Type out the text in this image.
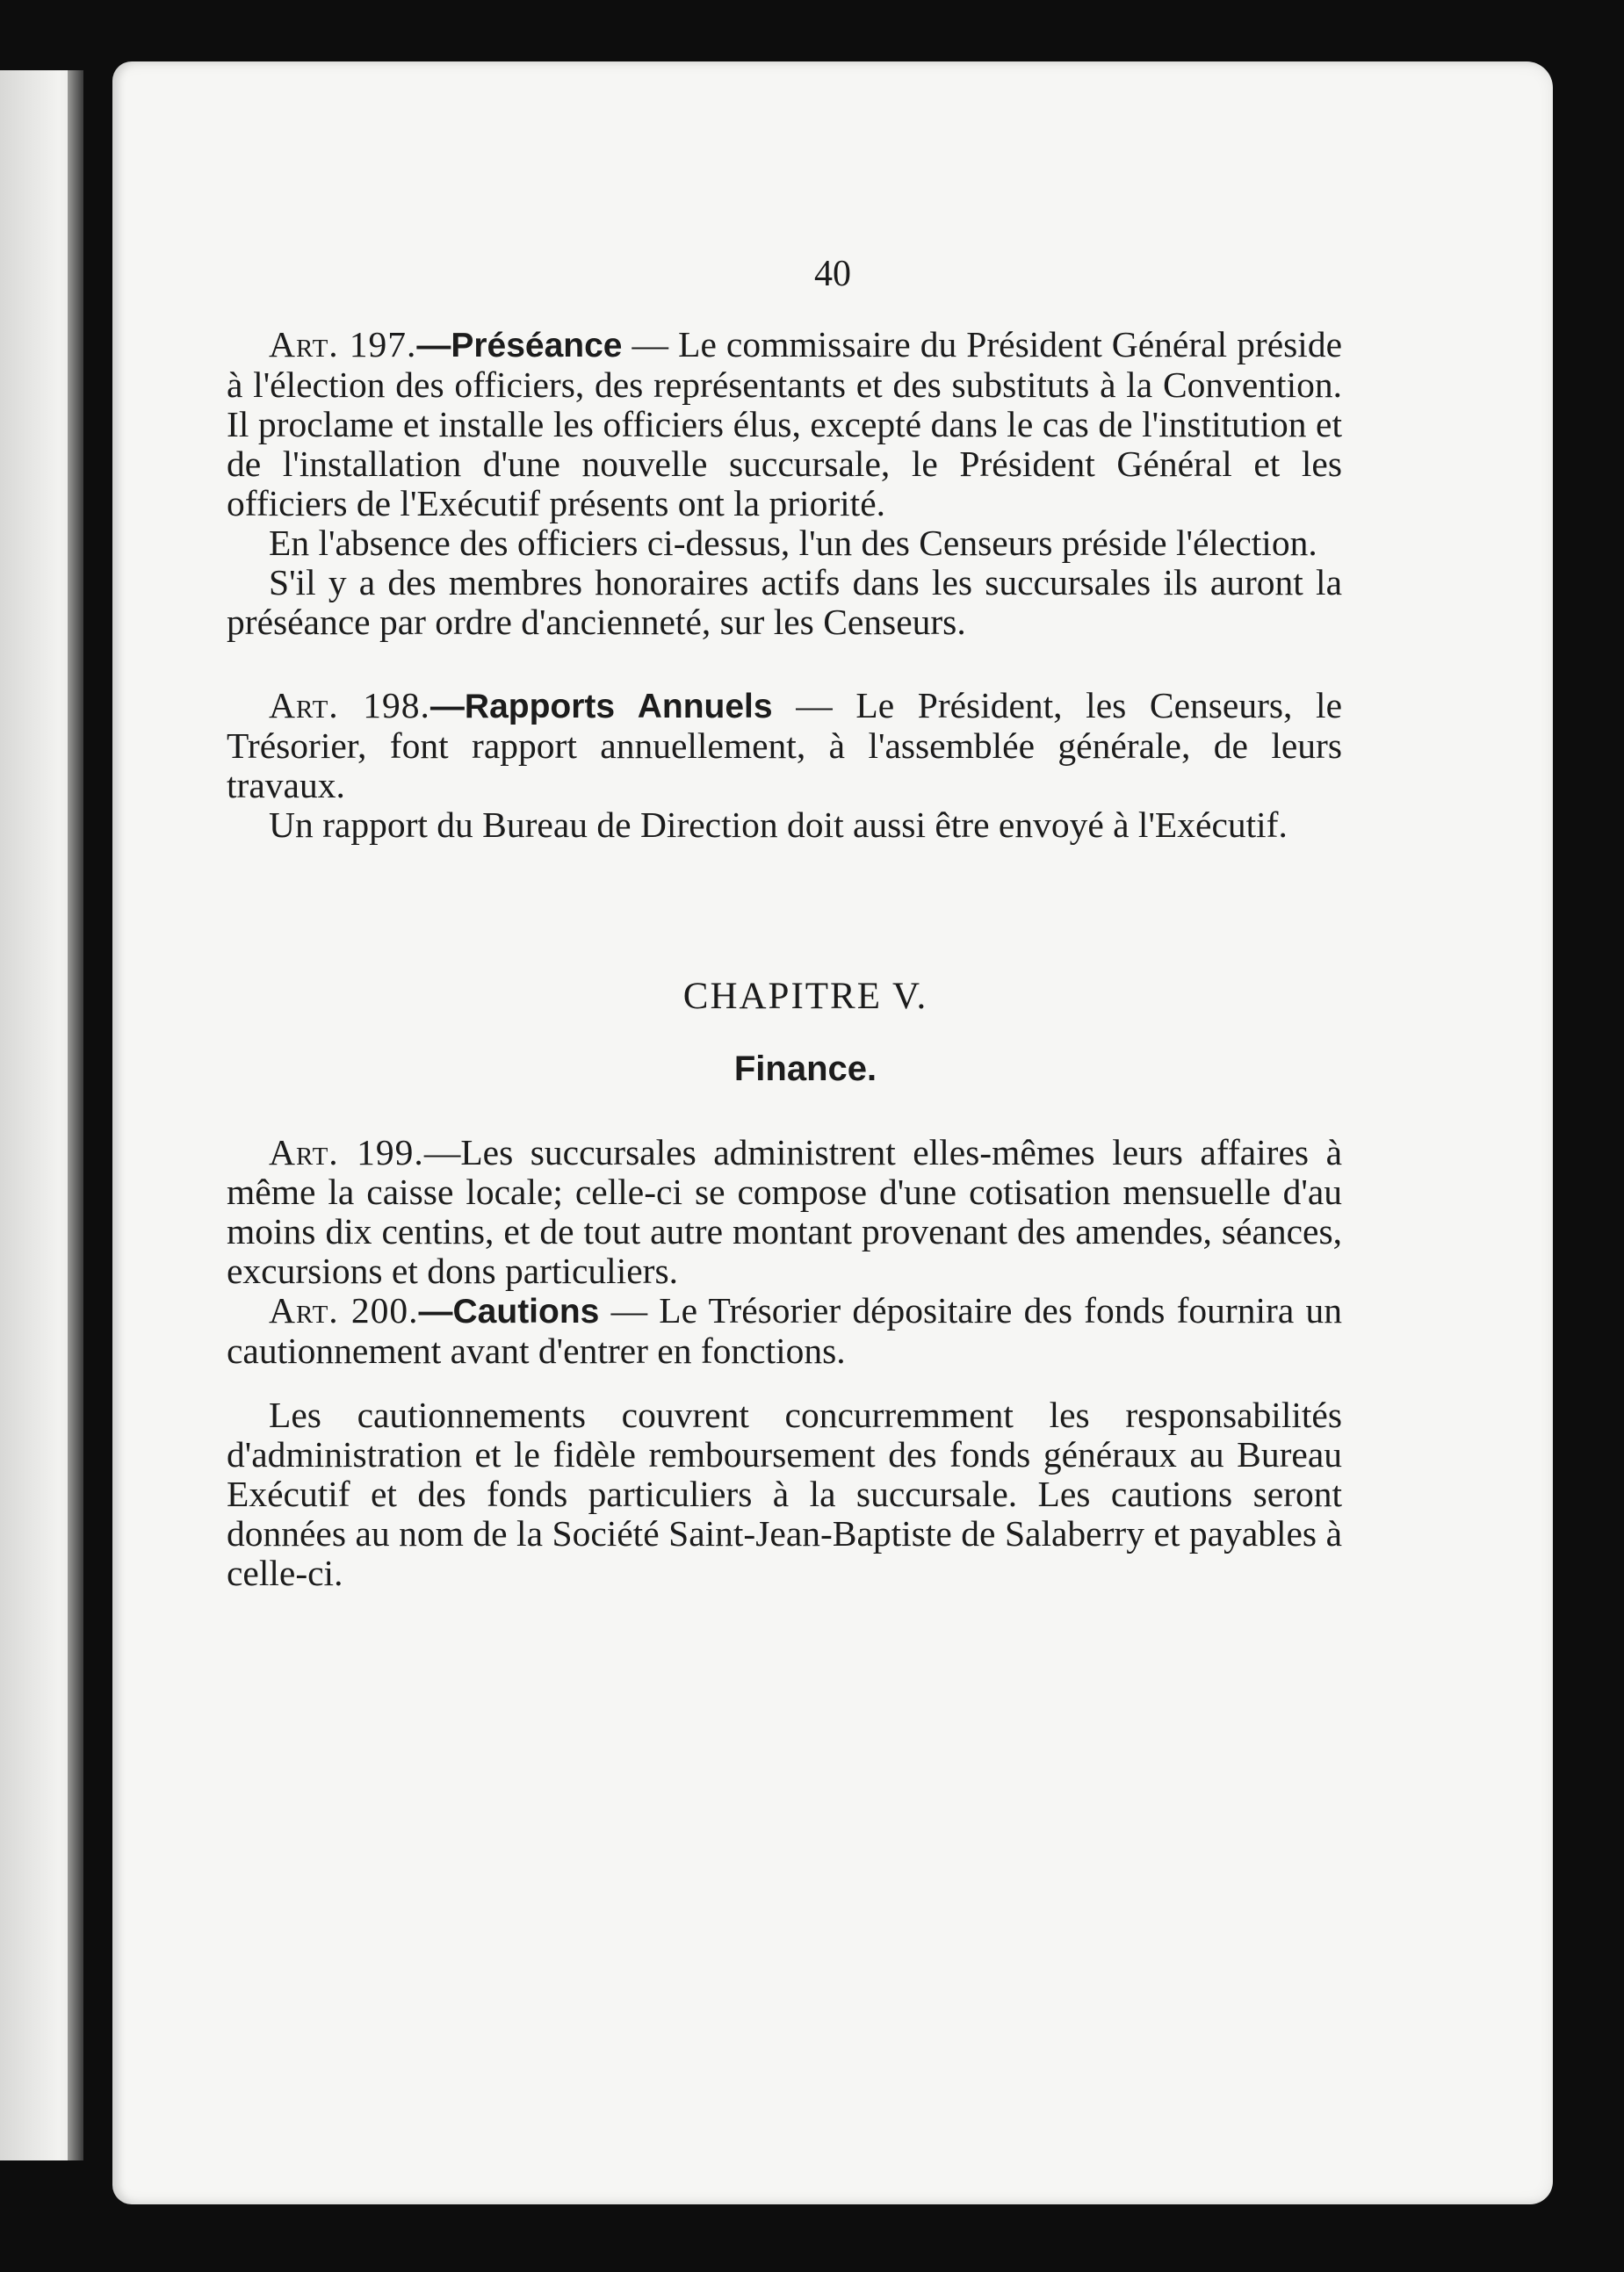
40

Art. 197.—Préséance — Le commissaire du Président Général préside à l'élection des officiers, des représentants et des substituts à la Convention. Il proclame et installe les officiers élus, excepté dans le cas de l'institution et de l'installation d'une nouvelle succursale, le Président Général et les officiers de l'Exécutif présents ont la priorité.

En l'absence des officiers ci-dessus, l'un des Censeurs préside l'élection.

S'il y a des membres honoraires actifs dans les succursales ils auront la préséance par ordre d'ancienneté, sur les Censeurs.

Art. 198.—Rapports Annuels — Le Président, les Censeurs, le Trésorier, font rapport annuellement, à l'assemblée générale, de leurs travaux.

Un rapport du Bureau de Direction doit aussi être envoyé à l'Exécutif.

CHAPITRE V.

Finance.

Art. 199.—Les succursales administrent elles-mêmes leurs affaires à même la caisse locale; celle-ci se compose d'une cotisation mensuelle d'au moins dix centins, et de tout autre montant provenant des amendes, séances, excursions et dons particuliers.

Art. 200.—Cautions — Le Trésorier dépositaire des fonds fournira un cautionnement avant d'entrer en fonctions.

Les cautionnements couvrent concurremment les responsabilités d'administration et le fidèle remboursement des fonds généraux au Bureau Exécutif et des fonds particuliers à la succursale. Les cautions seront données au nom de la Société Saint-Jean-Baptiste de Salaberry et payables à celle-ci.
